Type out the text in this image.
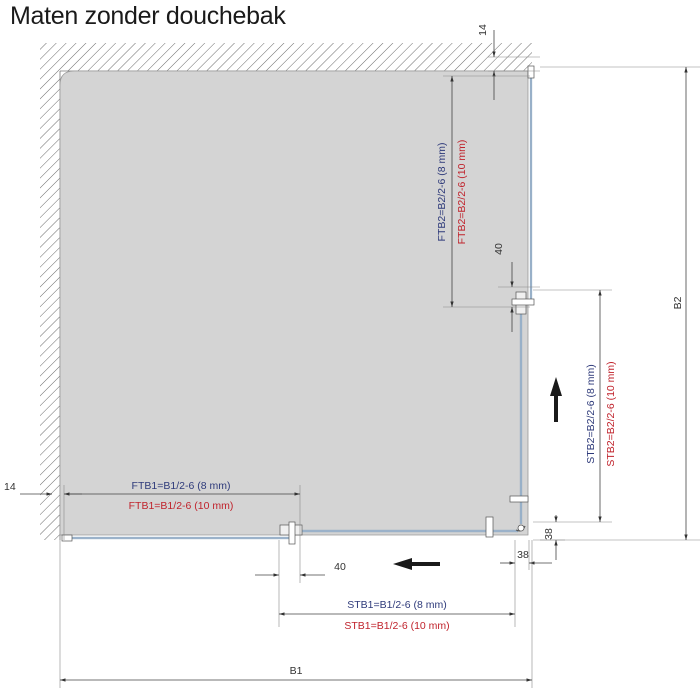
Maten zonder douchebak
FTB1=B1/2-6 (8 mm)
FTB1=B1/2-6 (10 mm)
14
40
STB1=B1/2-6 (8 mm)
STB1=B1/2-6 (10 mm)
38
B1
14
FTB2=B2/2-6 (8 mm) FTB2=B2/2-6 (10 mm)
40
STB2=B2/2-6 (8 mm) STB2=B2/2-6 (10 mm)
38
B2
